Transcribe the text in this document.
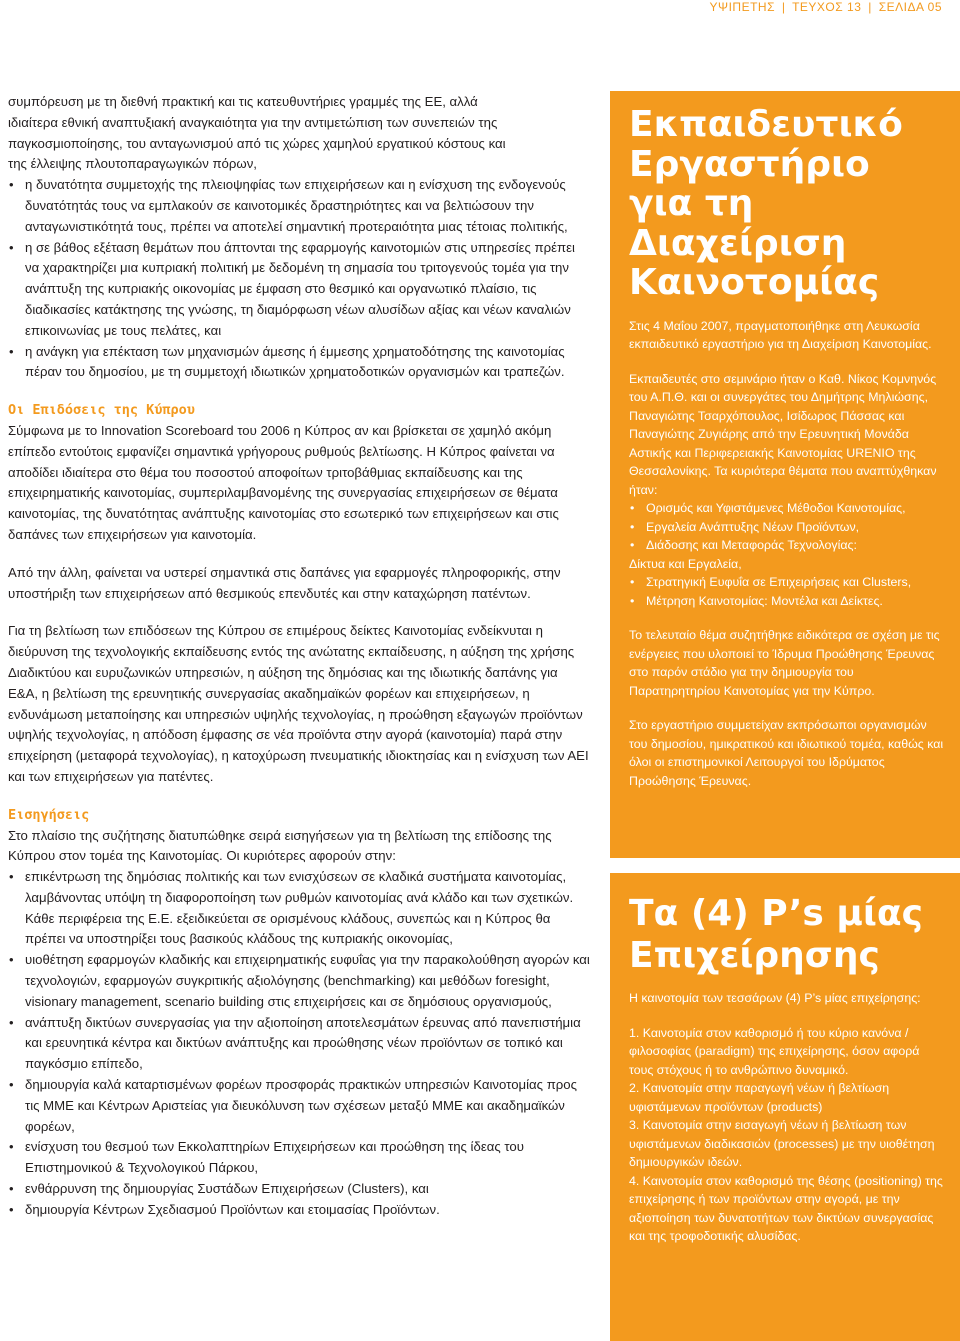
ΥΨΙΠΕΤΗΣ | ΤΕΥΧΟΣ 13 | ΣΕΛΙΔΑ 05

συμπόρευση με τη διεθνή πρακτική και τις κατευθυντήριες γραμμές της ΕΕ, αλλά

ιδιαίτερα εθνική αναπτυξιακή αναγκαιότητα για την αντιμετώπιση των συνεπειών της

παγκοσμιοποίησης, του ανταγωνισμού από τις χώρες χαμηλού εργατικού κόστους και

της έλλειψης πλουτοπαραγωγικών πόρων,

• η δυνατότητα συμμετοχής της πλειοψηφίας των επιχειρήσεων και η ενίσχυση της ενδογενούς δυνατότητάς τους να εμπλακούν σε καινοτομικές δραστηριότητες και να βελτιώσουν την ανταγωνιστικότητά τους, πρέπει να αποτελεί σημαντική προτεραιότητα μιας τέτοιας πολιτικής,
• η σε βάθος εξέταση θεμάτων που άπτονται της εφαρμογής καινοτομιών στις υπηρεσίες πρέπει να χαρακτηρίζει μια κυπριακή πολιτική με δεδομένη τη σημασία του τριτογενούς τομέα για την ανάπτυξη της κυπριακής οικονομίας με έμφαση στο θεσμικό και οργανωτικό πλαίσιο, τις διαδικασίες κατάκτησης της γνώσης, τη διαμόρφωση νέων αλυσίδων αξίας και νέων καναλιών επικοινωνίας με τους πελάτες, και
• η ανάγκη για επέκταση των μηχανισμών άμεσης ή έμμεσης χρηματοδότησης της καινοτομίας πέραν του δημοσίου, με τη συμμετοχή ιδιωτικών χρηματοδοτικών οργανισμών και τραπεζών.
Οι Επιδόσεις της Κύπρου

Σύμφωνα με το Innovation Scoreboard του 2006 η Κύπρος αν και βρίσκεται σε χαμηλό ακόμη επίπεδο εντούτοις εμφανίζει σημαντικά γρήγορους ρυθμούς βελτίωσης. Η Κύπρος φαίνεται να αποδίδει ιδιαίτερα στο θέμα του ποσοστού αποφοίτων τριτοβάθμιας εκπαίδευσης και της επιχειρηματικής καινοτομίας, συμπεριλαμβανομένης της συνεργασίας επιχειρήσεων σε θέματα καινοτομίας, της δυνατότητας ανάπτυξης καινοτομίας στο εσωτερικό των επιχειρήσεων και στις δαπάνες των επιχειρήσεων για καινοτομία.

Από την άλλη, φαίνεται να υστερεί σημαντικά στις δαπάνες για εφαρμογές πληροφορικής, στην υποστήριξη των επιχειρήσεων από θεσμικούς επενδυτές και στην καταχώρηση πατέντων.

Για τη βελτίωση των επιδόσεων της Κύπρου σε επιμέρους δείκτες Καινοτομίας ενδείκνυται η διεύρυνση της τεχνολογικής εκπαίδευσης εντός της ανώτατης εκπαίδευσης, η αύξηση της χρήσης Διαδικτύου και ευρυζωνικών υπηρεσιών, η αύξηση της δημόσιας και της ιδιωτικής δαπάνης για Ε&Α, η βελτίωση της ερευνητικής συνεργασίας ακαδημαϊκών φορέων και επιχειρήσεων, η ενδυνάμωση μεταποίησης και υπηρεσιών υψηλής τεχνολογίας, η προώθηση εξαγωγών προϊόντων υψηλής τεχνολογίας, η απόδοση έμφασης σε νέα προϊόντα στην αγορά (καινοτομία) παρά στην επιχείρηση (μεταφορά τεχνολογίας), η κατοχύρωση πνευματικής ιδιοκτησίας και η ενίσχυση των ΑΕΙ και των επιχειρήσεων για πατέντες.

Εισηγήσεις

Στο πλαίσιο της συζήτησης διατυπώθηκε σειρά εισηγήσεων για τη βελτίωση της επίδοσης της Κύπρου στον τομέα της Καινοτομίας. Οι κυριότερες αφορούν στην:

• επικέντρωση της δημόσιας πολιτικής και των ενισχύσεων σε κλαδικά συστήματα καινοτομίας, λαμβάνοντας υπόψη τη διαφοροποίηση των ρυθμών καινοτομίας ανά κλάδο και των σχετικών. Κάθε περιφέρεια της Ε.Ε. εξειδικεύεται σε ορισμένους κλάδους, συνεπώς και η Κύπρος θα πρέπει να υποστηρίξει τους βασικούς κλάδους της κυπριακής οικονομίας,
• υιοθέτηση εφαρμογών κλαδικής και επιχειρηματικής ευφυΐας για την παρακολούθηση αγορών και τεχνολογιών, εφαρμογών συγκριτικής αξιολόγησης (benchmarking) και μεθόδων foresight, visionary management, scenario building στις επιχειρήσεις και σε δημόσιους οργανισμούς,
• ανάπτυξη δικτύων συνεργασίας για την αξιοποίηση αποτελεσμάτων έρευνας από πανεπιστήμια και ερευνητικά κέντρα και δικτύων ανάπτυξης και προώθησης νέων προϊόντων σε τοπικό και παγκόσμιο επίπεδο,
• δημιουργία καλά καταρτισμένων φορέων προσφοράς πρακτικών υπηρεσιών Καινοτομίας προς τις ΜΜΕ και Κέντρων Αριστείας για διευκόλυνση των σχέσεων μεταξύ ΜΜΕ και ακαδημαϊκών φορέων,
• ενίσχυση του θεσμού των Εκκολαπτηρίων Επιχειρήσεων και προώθηση της ίδεας του Επιστημονικού & Τεχνολογικού Πάρκου,
• ενθάρρυνση της δημιουργίας Συστάδων Επιχειρήσεων (Clusters), και
• δημιουργία Κέντρων Σχεδιασμού Προϊόντων και ετοιμασίας Προϊόντων.
Εκπαιδευτικό Εργαστήριο για τη Διαχείριση Καινοτομίας

Στις 4 Μαΐου 2007, πραγματοποιήθηκε στη Λευκωσία εκπαιδευτικό εργαστήριο για τη Διαχείριση Καινοτομίας.

Εκπαιδευτές στο σεμινάριο ήταν ο Καθ. Νίκος Κομνηνός του Α.Π.Θ. και οι συνεργάτες του Δημήτρης Μηλιώσης, Παναγιώτης Τσαρχόπουλος, Ισίδωρος Πάσσας και Παναγιώτης Ζυγιάρης από την Ερευνητική Μονάδα Αστικής και Περιφερειακής Καινοτομίας URENIO της Θεσσαλονίκης. Τα κυριότερα θέματα που αναπτύχθηκαν ήταν:

• Ορισμός και Υφιστάμενες Μέθοδοι Καινοτομίας,
• Εργαλεία Ανάπτυξης Νέων Προϊόντων,
• Διάδοσης και Μεταφοράς Τεχνολογίας:
Δίκτυα και Εργαλεία,
• Στρατηγική Ευφυΐα σε Επιχειρήσεις και Clusters,
• Μέτρηση Καινοτομίας: Μοντέλα και Δείκτες.

Το τελευταίο θέμα συζητήθηκε ειδικότερα σε σχέση με τις ενέργειες που υλοποιεί το Ίδρυμα Προώθησης Έρευνας στο παρόν στάδιο για την δημιουργία του Παρατηρητηρίου Καινοτομίας για την Κύπρο.

Στο εργαστήριο συμμετείχαν εκπρόσωποι οργανισμών του δημοσίου, ημικρατικού και ιδιωτικού τομέα, καθώς και όλοι οι επιστημονικοί Λειτουργοί του Ιδρύματος Προώθησης Έρευνας.

Τα (4) P’s μίας Επιχείρησης

Η καινοτομία των τεσσάρων (4) P’s μίας επιχείρησης:

1. Καινοτομία στον καθορισμό ή του κύριο κανόνα / φιλοσοφίας (paradigm) της επιχείρησης, όσον αφορά τους στόχους ή το ανθρώπινο δυναμικό.

2. Καινοτομία στην παραγωγή νέων ή βελτίωση υφιστάμενων προϊόντων (products)

3. Καινοτομία στην εισαγωγή νέων ή βελτίωση των υφιστάμενων διαδικασιών (processes) με την υιοθέτηση δημιουργικών ιδεών.

4. Καινοτομία στον καθορισμό της θέσης (positioning) της επιχείρησης ή των προϊόντων στην αγορά, με την αξιοποίηση των δυνατοτήτων των δικτύων συνεργασίας και της τροφοδοτικής αλυσίδας.
